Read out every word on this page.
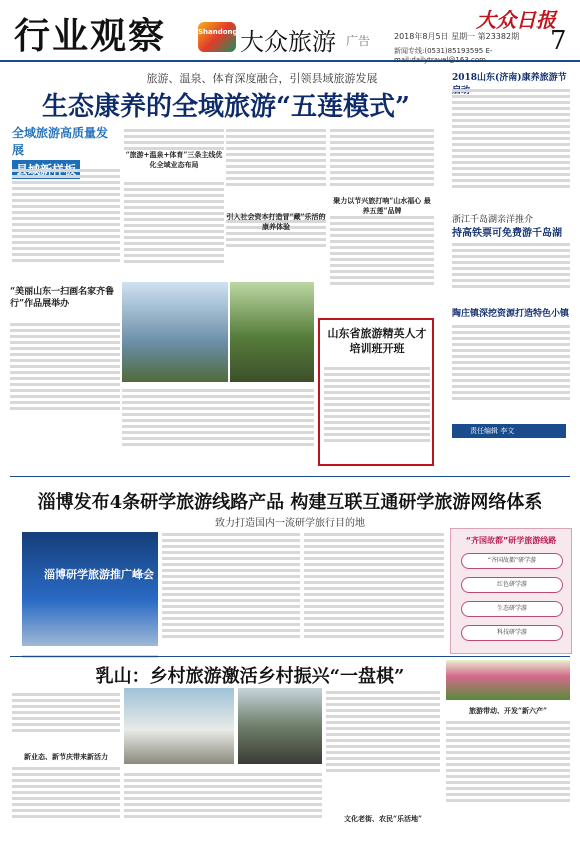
行业观察	Shandong 大众旅游 广告
大众日报
2018年8月5日 星期一 第23382期
新闻专线:(0531)85193595 E-mail:dailytravel@163.com
7
旅游、温泉、体育深度融合，引领县域旅游发展
生态康养的全域旅游“五莲模式”
全域旅游高质量发展	“旅游+温泉+体育”三条主线优化全域业态布局
引入社会资本打造冒“藏”乐活的康养体验
聚力以节兴旅打响“山水福心 最养五莲”品牌
“美丽山东一扫画名家齐鲁行”作品展举办
山东省旅游精英人才培训班开班
2018山东(济南)康养旅游节
浙江千岛湖亲洋推介
持高铁票可免费游千岛湖
陶庄镇深挖资源打造特色小镇
责任编辑 李文
淄博发布4条研学旅游线路产品 构建互联互通研学旅游网络体系
致力打造国内一流研学旅行目的地
淄博研学旅游推广峰会
“齐国故都”研学旅游线路
“齐国故都”研学游
红色研学游
生态研学游
科技研学游
乳山：乡村旅游激活乡村振兴“一盘棋”
新业态、新节庆带来新活力
文化老街、农民“乐活地”
旅游带动、开发“新六产”
